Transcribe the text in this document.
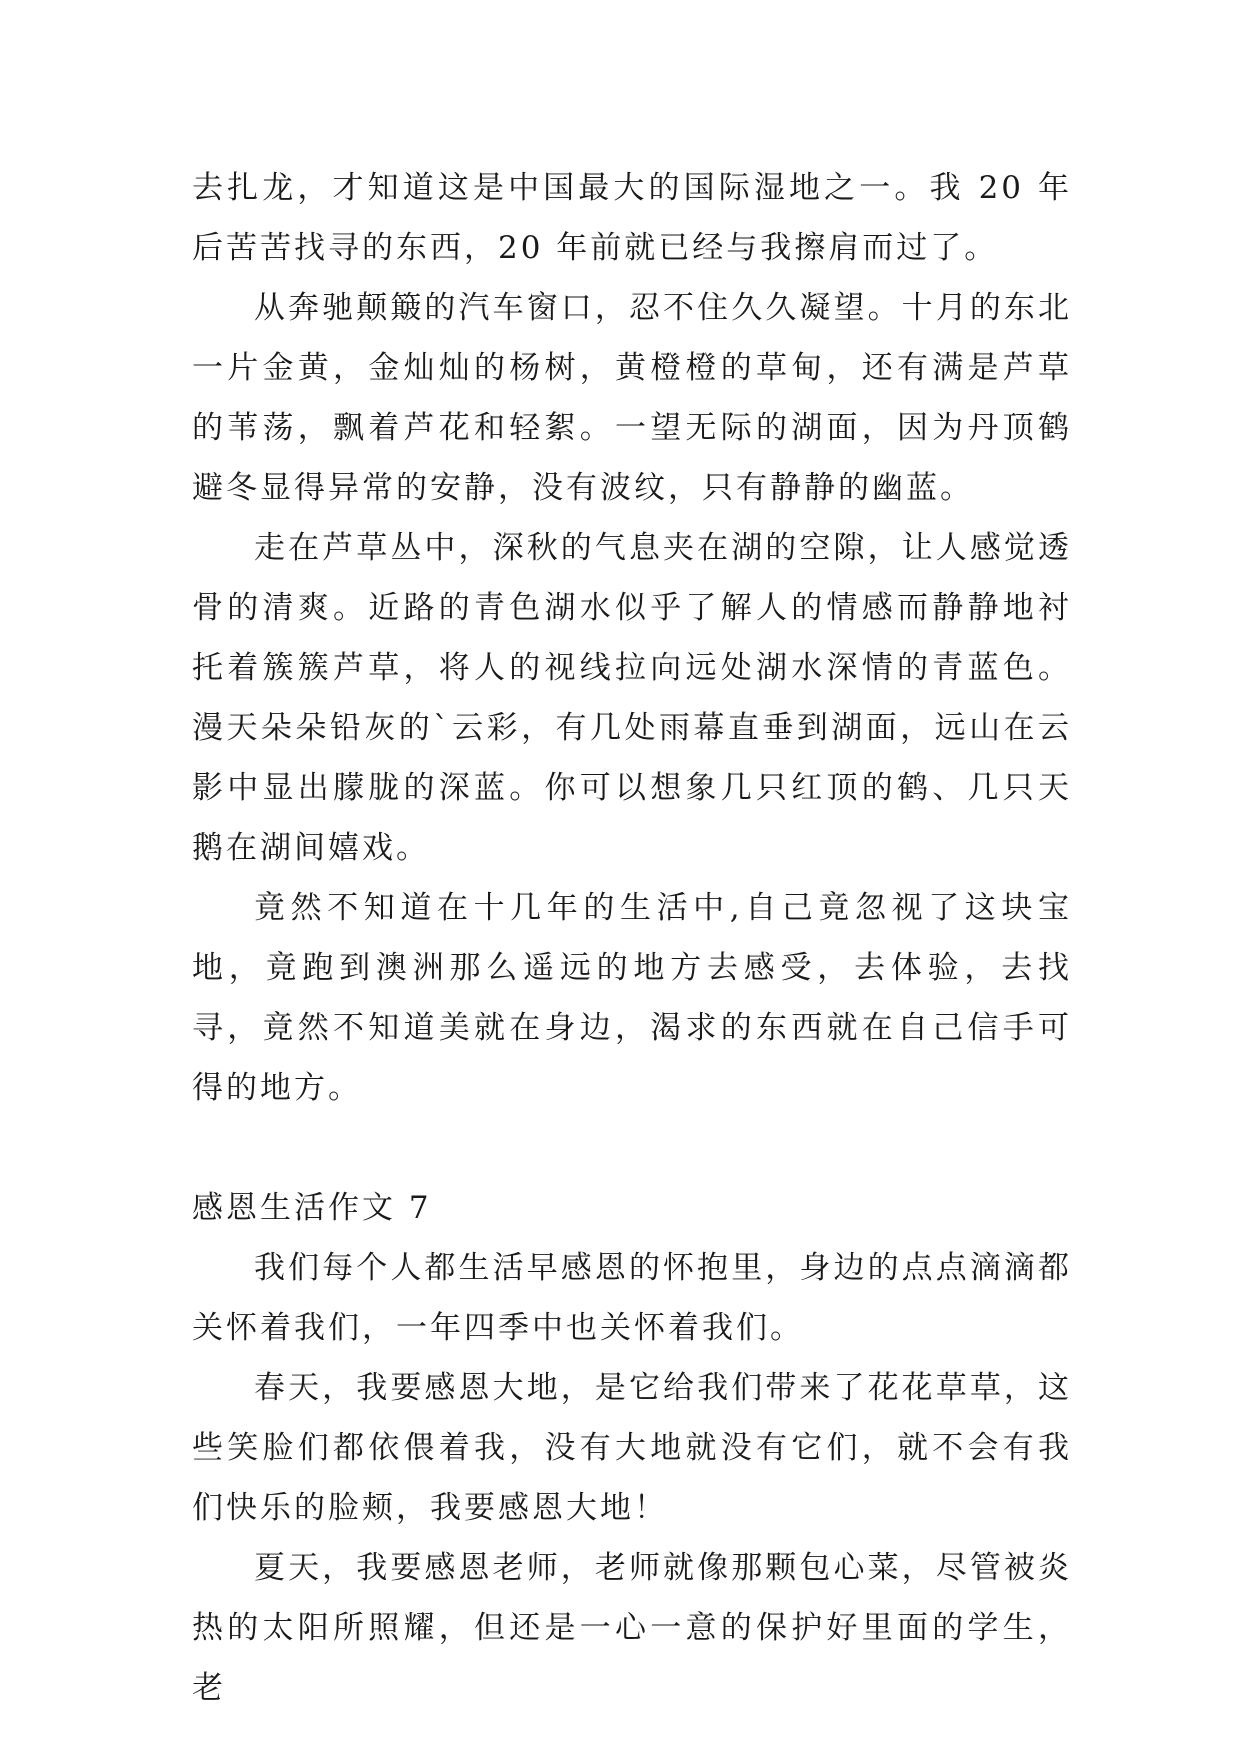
去扎龙，才知道这是中国最大的国际湿地之一。我 20 年后苦苦找寻的东西，20 年前就已经与我擦肩而过了。

从奔驰颠簸的汽车窗口，忍不住久久凝望。十月的东北一片金黄，金灿灿的杨树，黄橙橙的草甸，还有满是芦草的苇荡，飘着芦花和轻絮。一望无际的湖面，因为丹顶鹤避冬显得异常的安静，没有波纹，只有静静的幽蓝。

走在芦草丛中，深秋的气息夹在湖的空隙，让人感觉透骨的清爽。近路的青色湖水似乎了解人的情感而静静地衬托着簇簇芦草，将人的视线拉向远处湖水深情的青蓝色。漫天朵朵铅灰的`云彩，有几处雨幕直垂到湖面，远山在云影中显出朦胧的深蓝。你可以想象几只红顶的鹤、几只天鹅在湖间嬉戏。

竟然不知道在十几年的生活中,自己竟忽视了这块宝地，竟跑到澳洲那么遥远的地方去感受，去体验，去找寻，竟然不知道美就在身边，渴求的东西就在自己信手可得的地方。

感恩生活作文 7

我们每个人都生活早感恩的怀抱里，身边的点点滴滴都关怀着我们，一年四季中也关怀着我们。

春天，我要感恩大地，是它给我们带来了花花草草，这些笑脸们都依偎着我，没有大地就没有它们，就不会有我们快乐的脸颊，我要感恩大地！

夏天，我要感恩老师，老师就像那颗包心菜，尽管被炎热的太阳所照耀，但还是一心一意的保护好里面的学生，老
